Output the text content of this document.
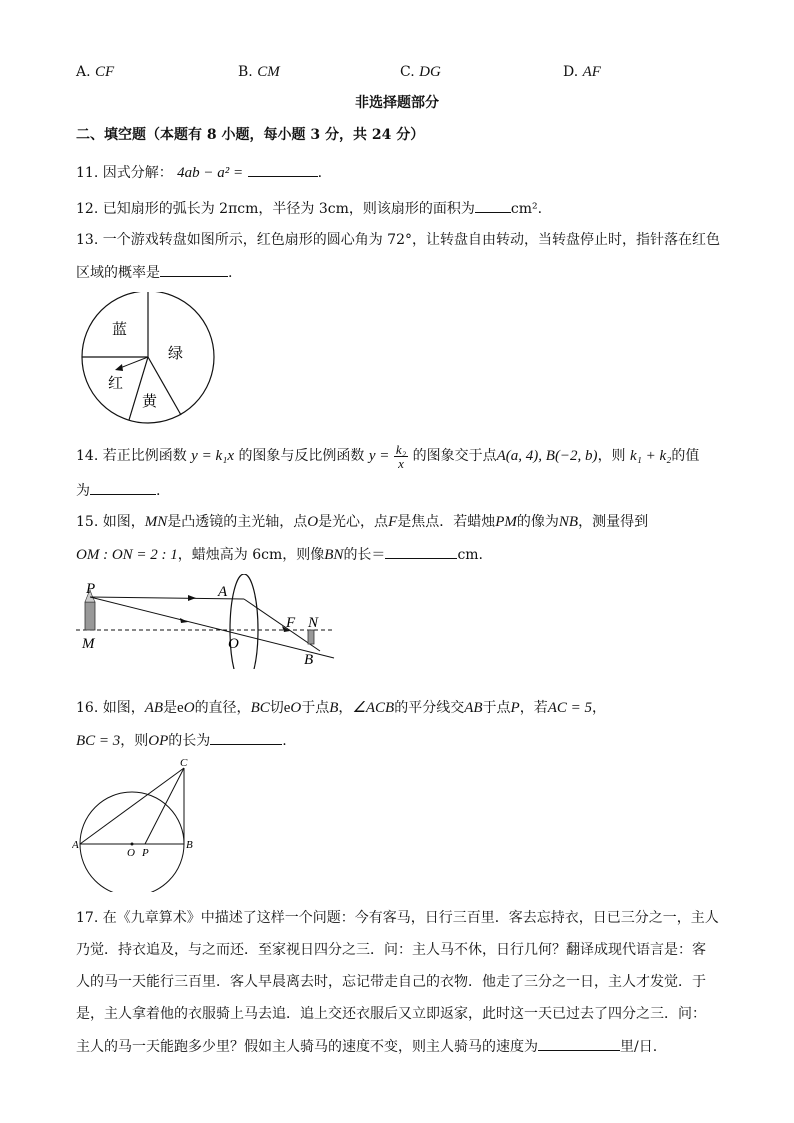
A. CF	B. CM	C. DG	D. AF
非选择题部分
二、填空题（本题有 8 小题，每小题 3 分，共 24 分）
11. 因式分解： 4ab − a² =	.
12. 已知扇形的弧长为 2πcm，半径为 3cm，则该扇形的面积为	cm².
13. 一个游戏转盘如图所示，红色扇形的圆心角为 72°，让转盘自由转动，当转盘停止时，指针落在红色
区域的概率是	.
蓝
绿
红
黄
14. 若正比例函数 y = k₁x 的图象与反比例函数 $y = \frac{\text{k₂}}{x}$ 的图象交于点A(a, 4), B(−2, b)，则 k₁ + k₂的值
为	.
15. 如图，MN是凸透镜的主光轴，点O是光心，点F是焦点．若蜡烛PM的像为NB，测量得到
OM : ON = 2 : 1，蜡烛高为 6cm，则像BN的长＝	cm.
P	A
F N
M	O
B
16. 如图，AB是eO的直径，BC切eO于点B，∠ACB的平分线交AB于点P，若AC = 5，
BC = 3，则OP的长为	.
C
A
O P
B
17. 在《九章算术》中描述了这样一个问题：今有客马，日行三百里．客去忘持衣，日已三分之一，主人
乃觉．持衣追及，与之而还．至家视日四分之三．问：主人马不休，日行几何？翻译成现代语言是：客
人的马一天能行三百里．客人早晨离去时，忘记带走自己的衣物．他走了三分之一日，主人才发觉．于
是，主人拿着他的衣服骑上马去追．追上交还衣服后又立即返家，此时这一天已过去了四分之三．问：
主人的马一天能跑多少里？假如主人骑马的速度不变，则主人骑马的速度为	里/日.
